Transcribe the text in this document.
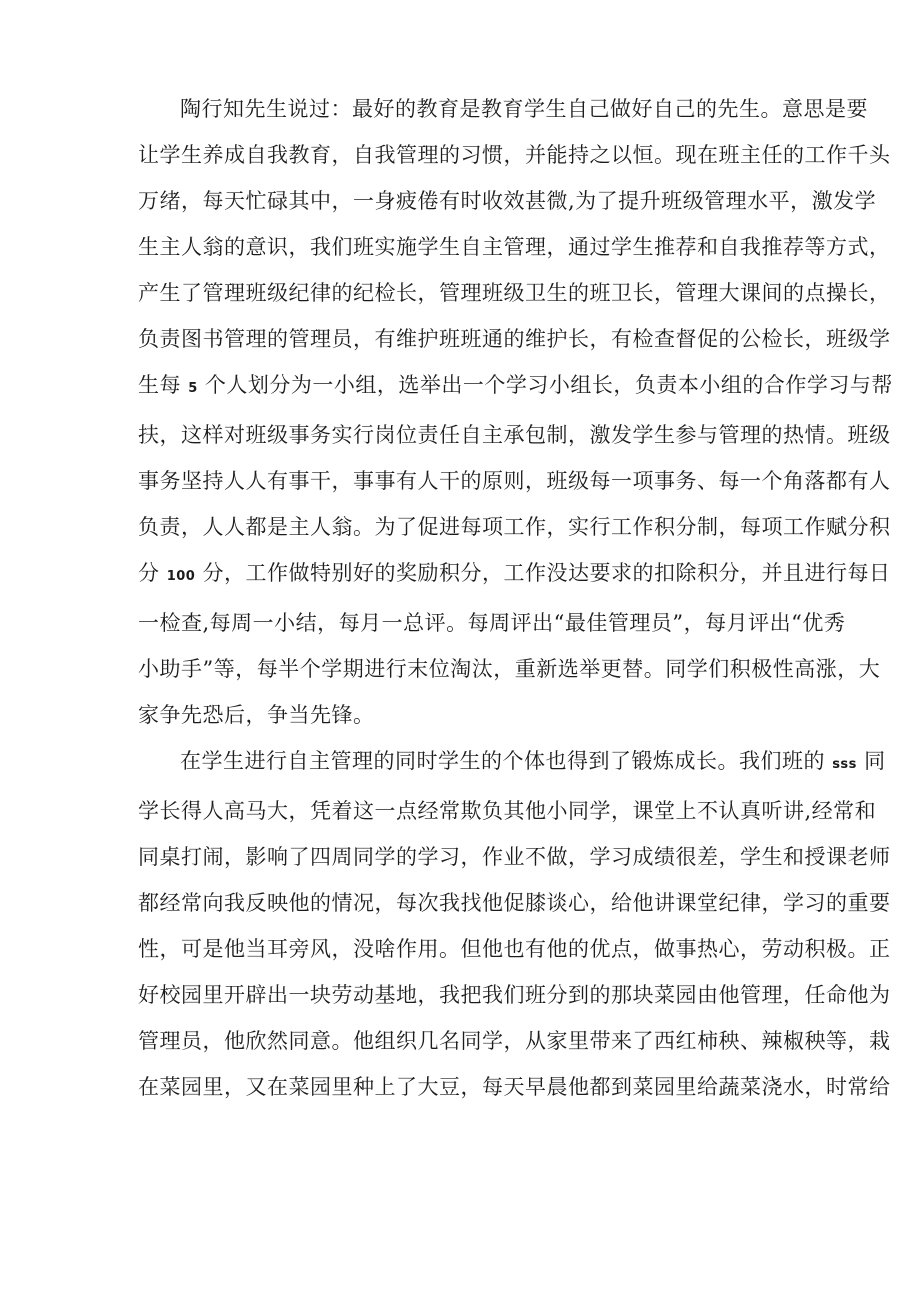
陶行知先生说过：最好的教育是教育学生自己做好自己的先生。意思是要
让学生养成自我教育，自我管理的习惯，并能持之以恒。现在班主任的工作千头
万绪，每天忙碌其中，一身疲倦有时收效甚微,为了提升班级管理水平，激发学
生主人翁的意识，我们班实施学生自主管理，通过学生推荐和自我推荐等方式，
产生了管理班级纪律的纪检长，管理班级卫生的班卫长，管理大课间的点操长，
负责图书管理的管理员，有维护班班通的维护长，有检查督促的公检长，班级学
生每 5 个人划分为一小组，选举出一个学习小组长，负责本小组的合作学习与帮
扶，这样对班级事务实行岗位责任自主承包制，激发学生参与管理的热情。班级
事务坚持人人有事干，事事有人干的原则，班级每一项事务、每一个角落都有人
负责，人人都是主人翁。为了促进每项工作，实行工作积分制，每项工作赋分积
分 100 分，工作做特别好的奖励积分，工作没达要求的扣除积分，并且进行每日
一检查,每周一小结，每月一总评。每周评出“最佳管理员”，每月评出“优秀
小助手”等，每半个学期进行末位淘汰，重新选举更替。同学们积极性高涨，大
家争先恐后，争当先锋。
在学生进行自主管理的同时学生的个体也得到了锻炼成长。我们班的 sss 同
学长得人高马大，凭着这一点经常欺负其他小同学，课堂上不认真听讲,经常和
同桌打闹，影响了四周同学的学习，作业不做，学习成绩很差，学生和授课老师
都经常向我反映他的情况，每次我找他促膝谈心，给他讲课堂纪律，学习的重要
性，可是他当耳旁风，没啥作用。但他也有他的优点，做事热心，劳动积极。正
好校园里开辟出一块劳动基地，我把我们班分到的那块菜园由他管理，任命他为
管理员，他欣然同意。他组织几名同学，从家里带来了西红柿秧、辣椒秧等，栽
在菜园里，又在菜园里种上了大豆，每天早晨他都到菜园里给蔬菜浇水，时常给
